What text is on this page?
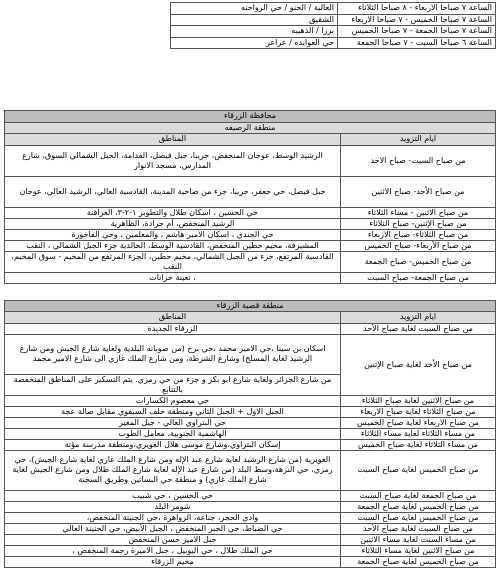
الساعة ٧ صباحا الاربعاء - ٨ صباحا الثلاثاء	العالية / الحنو / حي الرواحنه	
الساعة ٧ صباحا الخميس - ٧ صباحا الاربعاء	الشقيق	
الساعة ٧ صباحا الجمعة - ٧ صباحا الخميس	برزا / الذهيبه	
الساعة ٦ صباحا السبت - ٧ صباحا الجمعة	حي العوايده / عراعر	
محافظة الزرقاء	
منطقة الرصيفه	
ايام التزويد	المناطق
من صباح السبت- صباح الاحد	الرشيد الوسط، عوجان المنخفض، جريبا، جبل فيصل، الفدامة، الجبل الشمالي السوق، شارع المدارس، مسجد الانوار
من صباح الأحد- صباح الاثنين	جبل فيصل، حي جعفر، جريبا، جزء من ضاحية المدينة، القادسية العالي، الرشيد العالي، عوجان
من صباح الاثنين - مساء الثلاثاء	حي الحسين ، اسكان طلال والتطوير ١-٢-٣، العراقنة
من صباح الإثنين- صباح الثلاثاء	الرشيد المنخفض، أم جرادة، الظاهرية
من صباح الثلاثاء- صباح الاربعاء	حي الجندي ، اسكان الامير هاشم ، والمعلمين ، وحي الفاخورة
من صباح الأربعاء- صباح الخميس	المشيرفة، مخيم حطين المنخفض، القادسية الوسط، الخالدية جزء الجبل الشمالي ، النقب
من صباح الخميس- صباح الجمعة	القادسية المرتفع، جزء من الجبل الشمالي، مخيم حطين، الجزء المرتفع من المخيم - سوق المخيم، النقب
من صباح الجمعة- صباح السبت	، تعينة خزانات
منطقة قصبة الزرقاء	
ايام التزويد	المناطق
من صباح السبت لغاية صباح الأحد	الزرقاء الجديدة
من صباح الأحد لغاية صباح الإثنين	اسكان بن سينا ،حي الامير محمد ،حي برخ (من صوبانه البلدية ولغاية شارع الجيش ومن شارع الرشيد لغاية المسلخ) وشارع الشرطة، ومن شارع الملك غازي الى شارع الامير محمد
	من شارع الجزائر ولغاية شارع ابو بكر و جزء من حي رمزي. يتم التسكير على المناطق المنخفضة بالتتابع
من صباح الاثنين لغاية صباح الثلاثاء	حي معصوم الكسارات
من صباح الثلاثاء لغاية صباح الاربعاء	الجبل الاول + الجبل الثاني ومنطقة خلف السيفوي مقابل صالة عجة
من صباح الاربعاء لغاية صباح الخميس	حي البتراوي العالي - جبل المغير
من مساء الثلاثاء لغاية مساء الثلاثاء	الهاشمية الجنوبية، معامل الطوب
من مساء الثلاثاء لغاية صباح الخميس	إسكان البتراوي،وشارع موسى هلال الغويري،ومنطقة مدرسة مؤتة
من صباح الخميس لغاية صباح السبت	الغويرية (من شارع الرشيد لغاية شارع عبد الإله ومن شارع الملك غازي لغاية شارع الجيش)، حي رمزي، حي النزهة،وسط البلد (من شارع عبد الإله لغاية شارع الملك طلال ومن شارع الجيش لغاية شارع الملك غازي) و منطقة حي البساتين وطريق السخنة
من صباح الجمعة لغاية صباح السبت	حي الحسين ، حي شبيب
من صباح الخميس لغاية صباح الجمعة	شومر البلد
من صباح الخميس لغاية صباح السبت	وادي الحجر، جناعة، الزواهرة ،حي الجنينة المنخفض،
من صباح السبت لغاية صباح الأحد	حي الضباط، حي الجبر المنخفض ، الجبل الأبيض، حي الجنينة العالي
من مساء السبت لغاية مساء الاثنين	جبل الامير حسن المنخفض
من صباح الاثنين لغاية مساء الثلاثاء	حي الملك طلال ، حي اليوبيل ، جبل الاميرة رحمة المنخفض ،
من صباح الخميس لغاية صباح الجمعة	مخيم الزرقاء
